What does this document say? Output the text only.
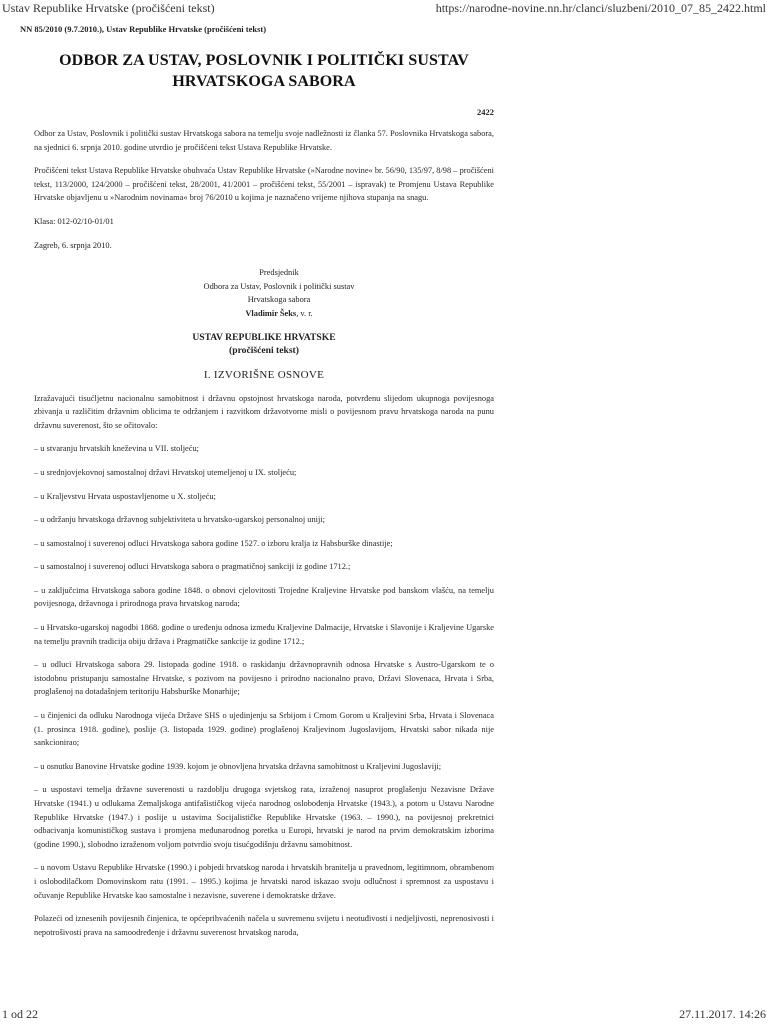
Ustav Republike Hrvatske (pročišćeni tekst)	https://narodne-novine.nn.hr/clanci/sluzbeni/2010_07_85_2422.html
NN 85/2010 (9.7.2010.), Ustav Republike Hrvatske (pročišćeni tekst)
ODBOR ZA USTAV, POSLOVNIK I POLITIČKI SUSTAV HRVATSKOGA SABORA
2422

Odbor za Ustav, Poslovnik i politički sustav Hrvatskoga sabora na temelju svoje nadležnosti iz članka 57. Poslovnika Hrvatskoga sabora, na sjednici 6. srpnja 2010. godine utvrdio je pročišćeni tekst Ustava Republike Hrvatske.

Pročišćeni tekst Ustava Republike Hrvatske obuhvaća Ustav Republike Hrvatske (»Narodne novine« br. 56/90, 135/97, 8/98 – pročišćeni tekst, 113/2000, 124/2000 – pročišćeni tekst, 28/2001, 41/2001 – pročišćeni tekst, 55/2001 – ispravak) te Promjenu Ustava Republike Hrvatske objavljenu u »Narodnim novinama« broj 76/2010 u kojima je naznačeno vrijeme njihova stupanja na snagu.

Klasa: 012-02/10-01/01
Zagreb, 6. srpnja 2010.
Predsjednik
Odbora za Ustav, Poslovnik i politički sustav
Hrvatskoga sabora
Vladimir Šeks, v. r.
USTAV REPUBLIKE HRVATSKE
(pročišćeni tekst)
I. IZVORIŠNE OSNOVE

Izražavajući tisućljetnu nacionalnu samobitnost i državnu opstojnost hrvatskoga naroda, potvrđenu slijedom ukupnoga povijesnoga zbivanja u različitim državnim oblicima te održanjem i razvitkom državotvorne misli o povijesnom pravu hrvatskoga naroda na punu državnu suverenost, što se očitovalo:

– u stvaranju hrvatskih kneževina u VII. stoljeću;

– u srednjovjekovnoj samostalnoj državi Hrvatskoj utemeljenoj u IX. stoljeću;

– u Kraljevstvu Hrvata uspostavljenome u X. stoljeću;

– u održanju hrvatskoga državnog subjektiviteta u hrvatsko-ugarskoj personalnoj uniji;

– u samostalnoj i suverenoj odluci Hrvatskoga sabora godine 1527. o izboru kralja iz Habsburške dinastije;

– u samostalnoj i suverenoj odluci Hrvatskoga sabora o pragmatičnoj sankciji iz godine 1712.;

– u zaključcima Hrvatskoga sabora godine 1848. o obnovi cjelovitosti Trojedne Kraljevine Hrvatske pod banskom vlašću, na temelju povijesnoga, državnoga i prirodnoga prava hrvatskog naroda;

– u Hrvatsko-ugarskoj nagodbi 1868. godine o uređenju odnosa između Kraljevine Dalmacije, Hrvatske i Slavonije i Kraljevine Ugarske na temelju pravnih tradicija obiju država i Pragmatičke sankcije iz godine 1712.;

– u odluci Hrvatskoga sabora 29. listopada godine 1918. o raskidanju državnopravnih odnosa Hrvatske s Austro-Ugarskom te o istodobnu pristupanju samostalne Hrvatske, s pozivom na povijesno i prirodno nacionalno pravo, Državi Slovenaca, Hrvata i Srba, proglašenoj na dotadašnjem teritoriju Habsburške Monarhije;

– u činjenici da odluku Narodnoga vijeća Države SHS o ujedinjenju sa Srbijom i Crnom Gorom u Kraljevini Srba, Hrvata i Slovenaca (1. prosinca 1918. godine), poslije (3. listopada 1929. godine) proglašenoj Kraljevinom Jugoslavijom, Hrvatski sabor nikada nije sankcionirao;

– u osnutku Banovine Hrvatske godine 1939. kojom je obnovljena hrvatska državna samobitnost u Kraljevini Jugoslaviji;

– u uspostavi temelja državne suverenosti u razdoblju drugoga svjetskog rata, izraženoj nasuprot proglašenju Nezavisne Države Hrvatske (1941.) u odlukama Zemaljskoga antifašističkog vijeća narodnog oslobođenja Hrvatske (1943.), a potom u Ustavu Narodne Republike Hrvatske (1947.) i poslije u ustavima Socijalističke Republike Hrvatske (1963. – 1990.), na povijesnoj prekretnici odbacivanja komunističkog sustava i promjena međunarodnog poretka u Europi, hrvatski je narod na prvim demokratskim izborima (godine 1990.), slobodno izraženom voljom potvrdio svoju tisućgodišnju državnu samobitnost.

– u novom Ustavu Republike Hrvatske (1990.) i pobjedi hrvatskog naroda i hrvatskih branitelja u pravednom, legitimnom, obrambenom i oslobodilačkom Domovinskom ratu (1991. – 1995.) kojima je hrvatski narod iskazao svoju odlučnost i spremnost za uspostavu i očuvanje Republike Hrvatske kao samostalne i nezavisne, suverene i demokratske države.

Polazeći od iznesenih povijesnih činjenica, te općeprihvaćenih načela u suvremenu svijetu i neotuđivosti i nedjeljivosti, neprenosivosti i nepotrošivosti prava na samoodređenje i državnu suverenost hrvatskog naroda,

1 od 22	27.11.2017. 14:26
